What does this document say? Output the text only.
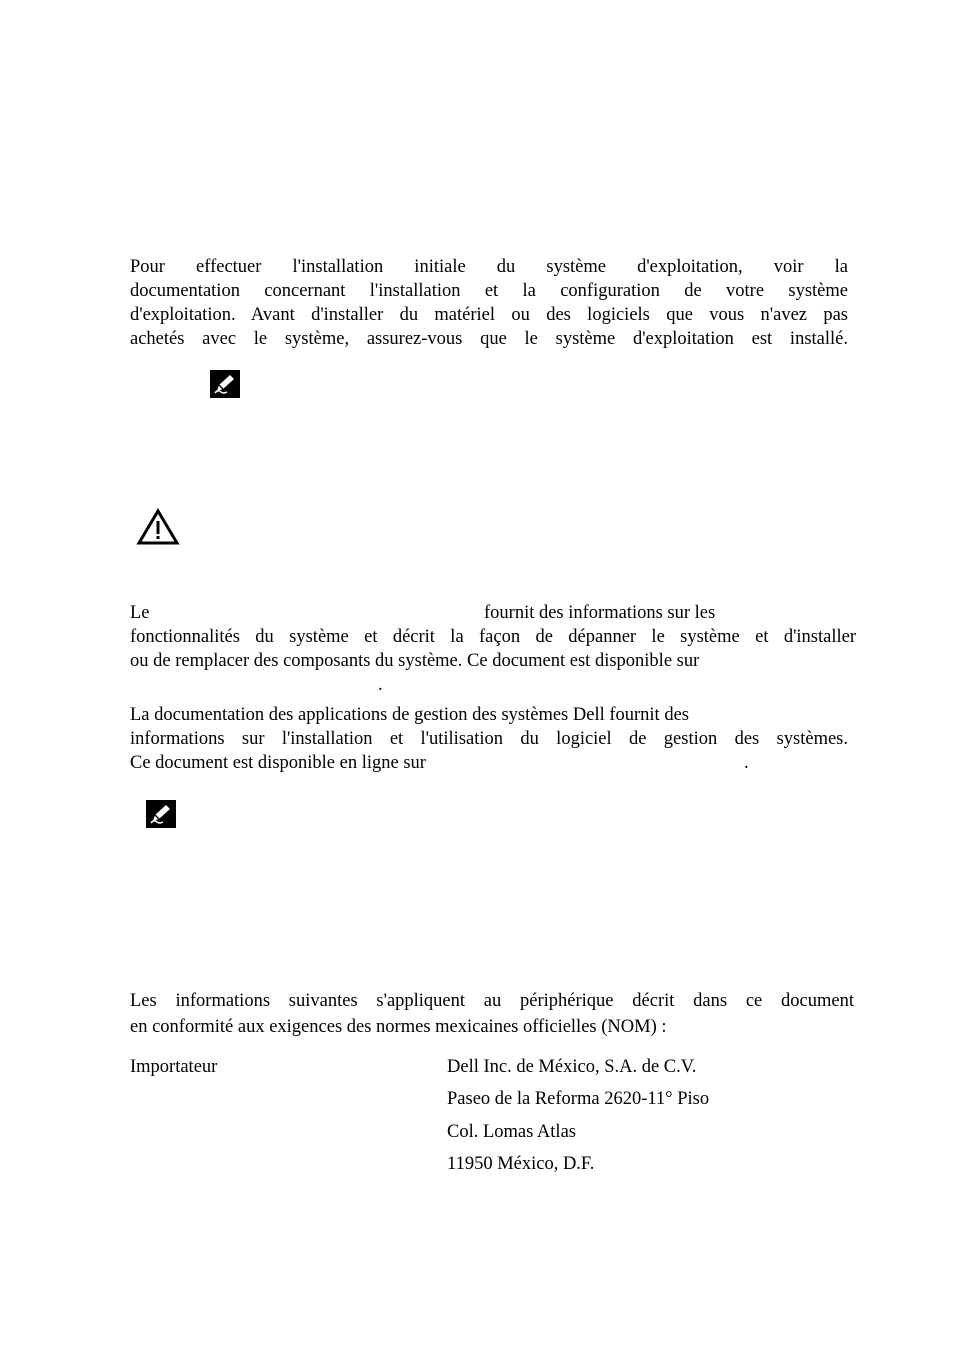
Pour effectuer l'installation initiale du système d'exploitation, voir la
documentation concernant l'installation et la configuration de votre système
d'exploitation. Avant d'installer du matériel ou des logiciels que vous n'avez pas
achetés avec le système, assurez-vous que le système d'exploitation est installé.
Le	fournit des informations sur les
fonctionnalités du système et décrit la façon de dépanner le système et d'installer
ou de remplacer des composants du système. Ce document est disponible sur
.
La documentation des applications de gestion des systèmes Dell fournit des
informations sur l'installation et l'utilisation du logiciel de gestion des systèmes.
Ce document est disponible en ligne sur	.
Les informations suivantes s'appliquent au périphérique décrit dans ce document
en conformité aux exigences des normes mexicaines officielles (NOM) :
Importateur	Dell Inc. de México, S.A. de C.V.
Paseo de la Reforma 2620-11° Piso
Col. Lomas Atlas
11950 México, D.F.
